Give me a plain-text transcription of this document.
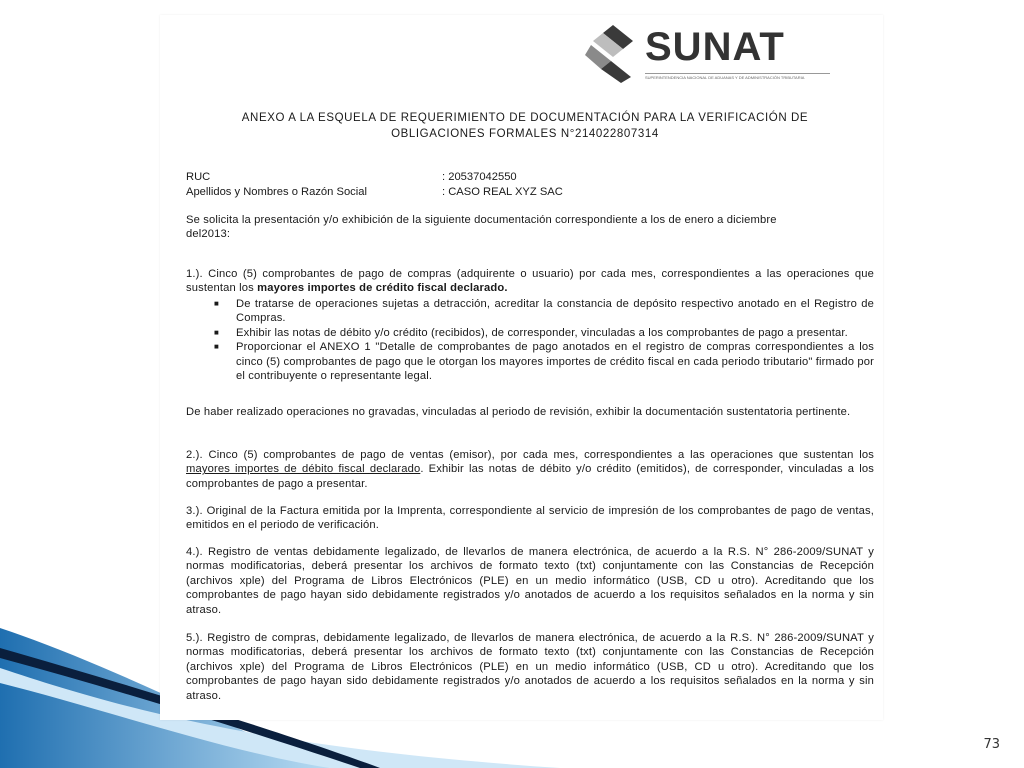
SUNAT
SUPERINTENDENCIA NACIONAL DE ADUANAS Y DE ADMINISTRACIÓN TRIBUTARIA
ANEXO A LA ESQUELA DE REQUERIMIENTO DE DOCUMENTACIÓN PARA LA VERIFICACIÓN DE
OBLIGACIONES FORMALES N°214022807314
RUC	: 20537042550
Apellidos y Nombres o Razón Social	: CASO REAL XYZ SAC
Se solicita la presentación y/o exhibición de la siguiente documentación correspondiente a los de enero a diciembre del2013:
1.). Cinco (5) comprobantes de pago de compras (adquirente o usuario) por cada mes, correspondientes a las operaciones que sustentan los mayores importes de crédito fiscal declarado.
■ De tratarse de operaciones sujetas a detracción, acreditar la constancia de depósito respectivo anotado en el Registro de Compras.
■ Exhibir las notas de débito y/o crédito (recibidos), de corresponder, vinculadas a los comprobantes de pago a presentar.
■ Proporcionar el ANEXO 1 "Detalle de comprobantes de pago anotados en el registro de compras correspondientes a los cinco (5) comprobantes de pago que le otorgan los mayores importes de crédito fiscal en cada periodo tributario" firmado por el contribuyente o representante legal.
De haber realizado operaciones no gravadas, vinculadas al periodo de revisión, exhibir la documentación sustentatoria pertinente.
2.). Cinco (5) comprobantes de pago de ventas (emisor), por cada mes, correspondientes a las operaciones que sustentan los mayores importes de débito fiscal declarado. Exhibir las notas de débito y/o crédito (emitidos), de corresponder, vinculadas a los comprobantes de pago a presentar.
3.). Original de la Factura emitida por la Imprenta, correspondiente al servicio de impresión de los comprobantes de pago de ventas, emitidos en el periodo de verificación.
4.). Registro de ventas debidamente legalizado, de llevarlos de manera electrónica, de acuerdo a la R.S. N° 286-2009/SUNAT y normas modificatorias, deberá presentar los archivos de formato texto (txt) conjuntamente con las Constancias de Recepción (archivos xple) del Programa de Libros Electrónicos (PLE) en un medio informático (USB, CD u otro). Acreditando que los comprobantes de pago hayan sido debidamente registrados y/o anotados de acuerdo a los requisitos señalados en la norma y sin atraso.
5.). Registro de compras, debidamente legalizado, de llevarlos de manera electrónica, de acuerdo a la R.S. N° 286-2009/SUNAT y normas modificatorias, deberá presentar los archivos de formato texto (txt) conjuntamente con las Constancias de Recepción (archivos xple) del Programa de Libros Electrónicos (PLE) en un medio informático (USB, CD u otro). Acreditando que los comprobantes de pago hayan sido debidamente registrados y/o anotados de acuerdo a los requisitos señalados en la norma y sin atraso.
73
